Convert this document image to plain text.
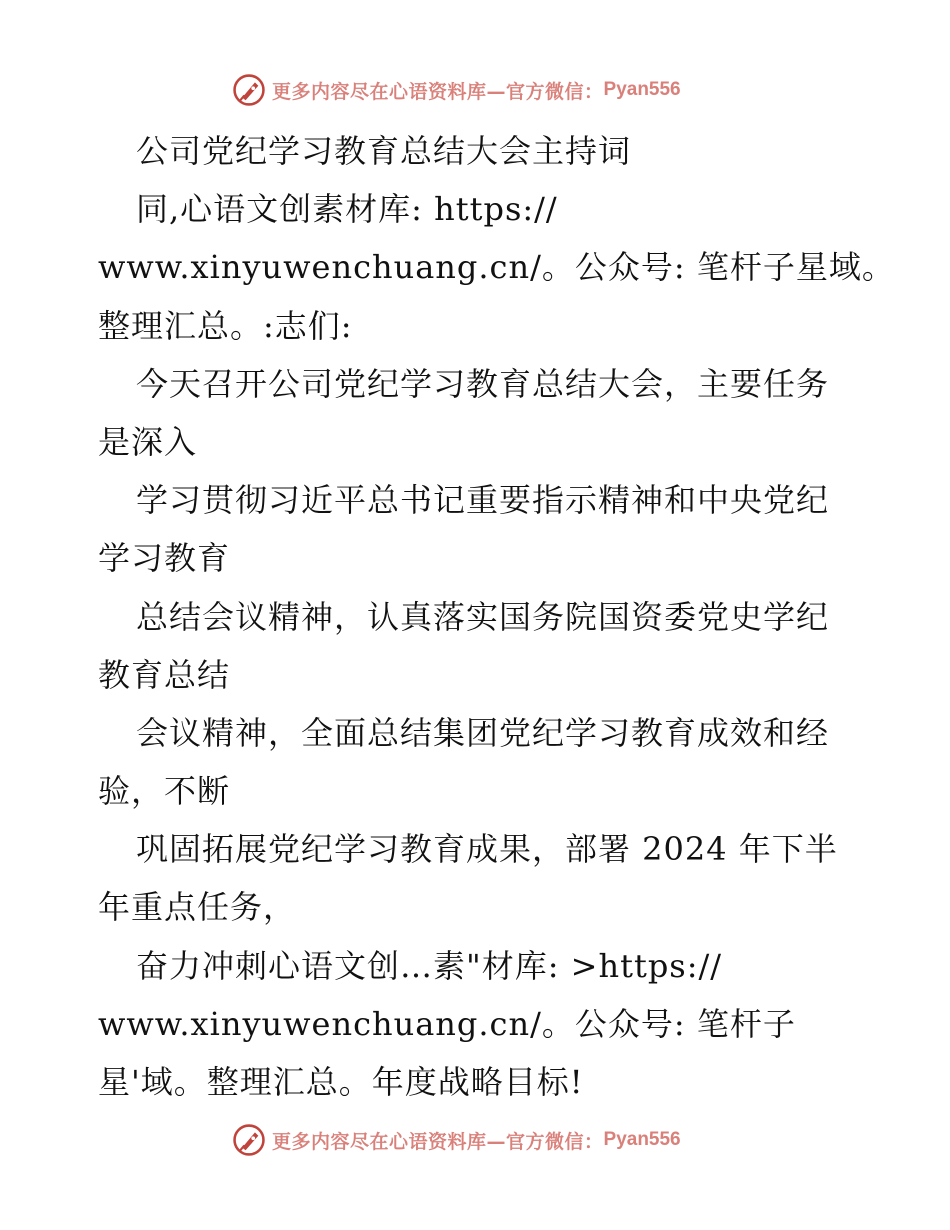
更多内容尽在心语资料库—官方微信： Pyan556
公司党纪学习教育总结大会主持词
同,心语文创素材库: https://
www.xinyuwenchuang.cn/。公众号: 笔杆子星域。
整理汇总。:志们:
今天召开公司党纪学习教育总结大会，主要任务
是深入
学习贯彻习近平总书记重要指示精神和中央党纪
学习教育
总结会议精神，认真落实国务院国资委党史学纪
教育总结
会议精神，全面总结集团党纪学习教育成效和经
验，不断
巩固拓展党纪学习教育成果，部署 2024 年下半
年重点任务，
奋力冲刺心语文创…素"材库: >https://
www.xinyuwenchuang.cn/。公众号: 笔杆子
星'域。整理汇总。年度战略目标!
更多内容尽在心语资料库—官方微信： Pyan556
